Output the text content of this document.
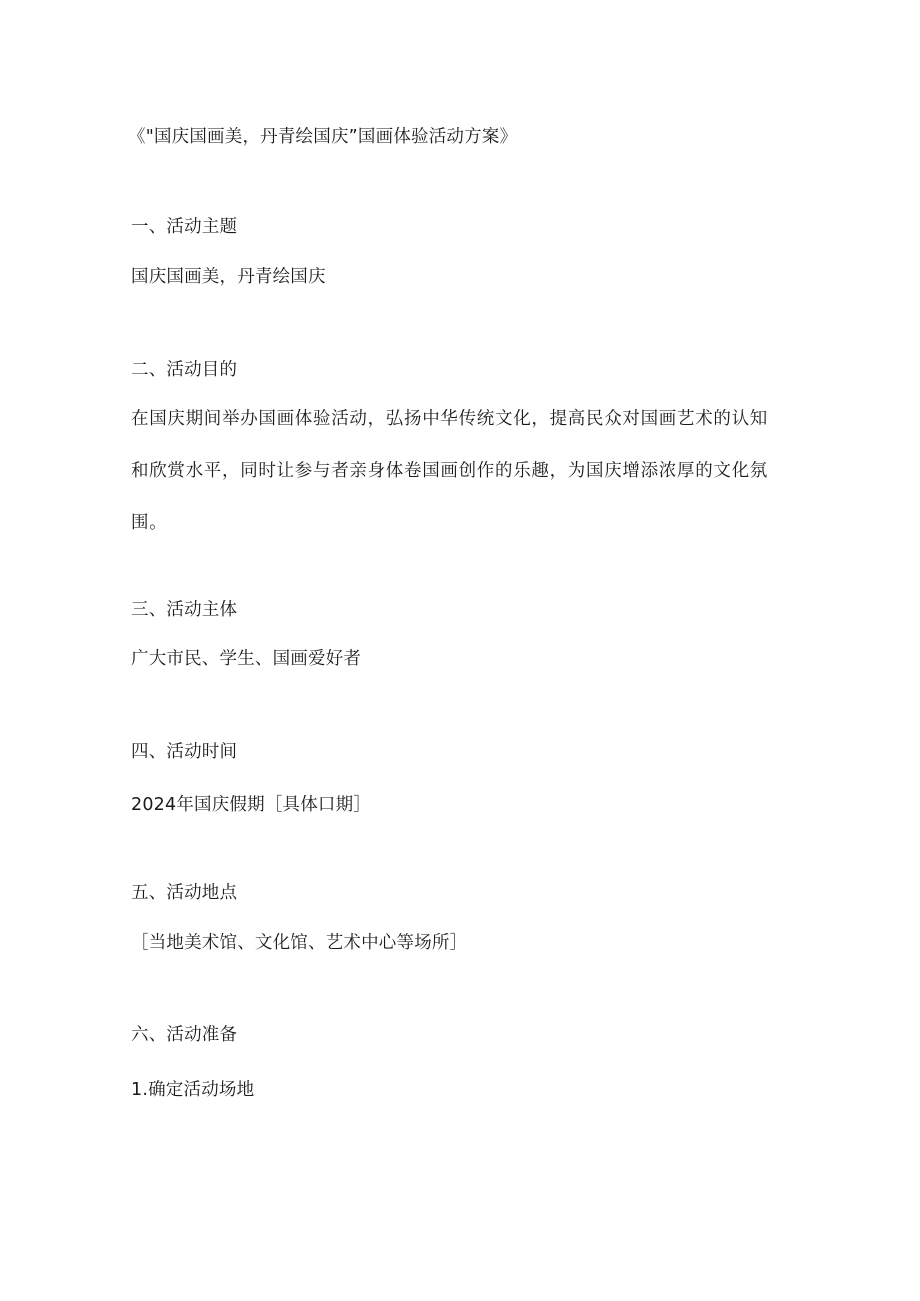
《"国庆国画美，丹青绘国庆”国画体验活动方案》
一、活动主题
国庆国画美，丹青绘国庆
二、活动目的
在国庆期间举办国画体验活动，弘扬中华传统文化，提高民众对国画艺术的认知和欣赏水平，同时让参与者亲身体卷国画创作的乐趣，为国庆增添浓厚的文化氛围。
三、活动主体
广大市民、学生、国画爱好者
四、活动时间
2024年国庆假期［具体口期］
五、活动地点
［当地美术馆、文化馆、艺术中心等场所］
六、活动准备
1.确定活动场地
